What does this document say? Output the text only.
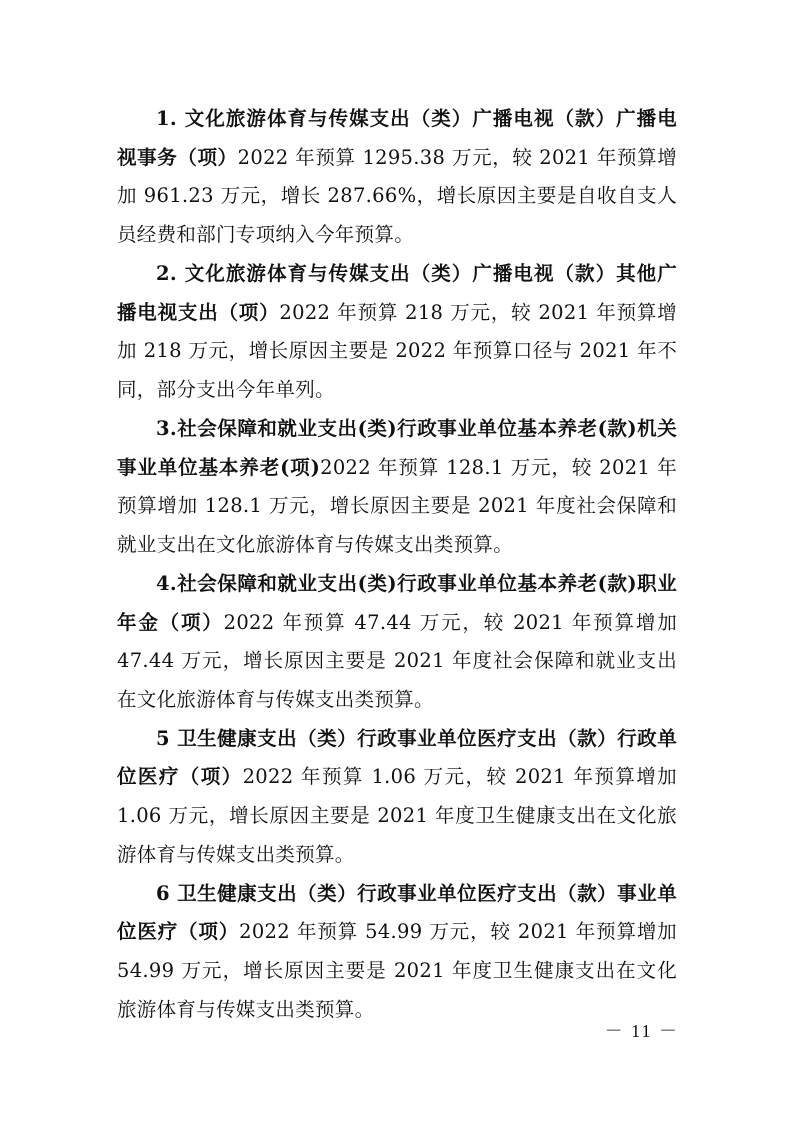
1. 文化旅游体育与传媒支出（类）广播电视（款）广播电视事务（项）2022 年预算 1295.38 万元，较 2021 年预算增加 961.23 万元，增长 287.66%，增长原因主要是自收自支人员经费和部门专项纳入今年预算。

2. 文化旅游体育与传媒支出（类）广播电视（款）其他广播电视支出（项）2022 年预算 218 万元，较 2021 年预算增加 218 万元，增长原因主要是 2022 年预算口径与 2021 年不同，部分支出今年单列。

3.社会保障和就业支出(类)行政事业单位基本养老(款)机关事业单位基本养老(项)2022 年预算 128.1 万元，较 2021 年预算增加 128.1 万元，增长原因主要是 2021 年度社会保障和就业支出在文化旅游体育与传媒支出类预算。

4.社会保障和就业支出(类)行政事业单位基本养老(款)职业年金（项）2022 年预算 47.44 万元，较 2021 年预算增加 47.44 万元，增长原因主要是 2021 年度社会保障和就业支出在文化旅游体育与传媒支出类预算。

5 卫生健康支出（类）行政事业单位医疗支出（款）行政单位医疗（项）2022 年预算 1.06 万元，较 2021 年预算增加 1.06 万元，增长原因主要是 2021 年度卫生健康支出在文化旅游体育与传媒支出类预算。

6 卫生健康支出（类）行政事业单位医疗支出（款）事业单位医疗（项）2022 年预算 54.99 万元，较 2021 年预算增加 54.99 万元，增长原因主要是 2021 年度卫生健康支出在文化旅游体育与传媒支出类预算。

－ 11 －
